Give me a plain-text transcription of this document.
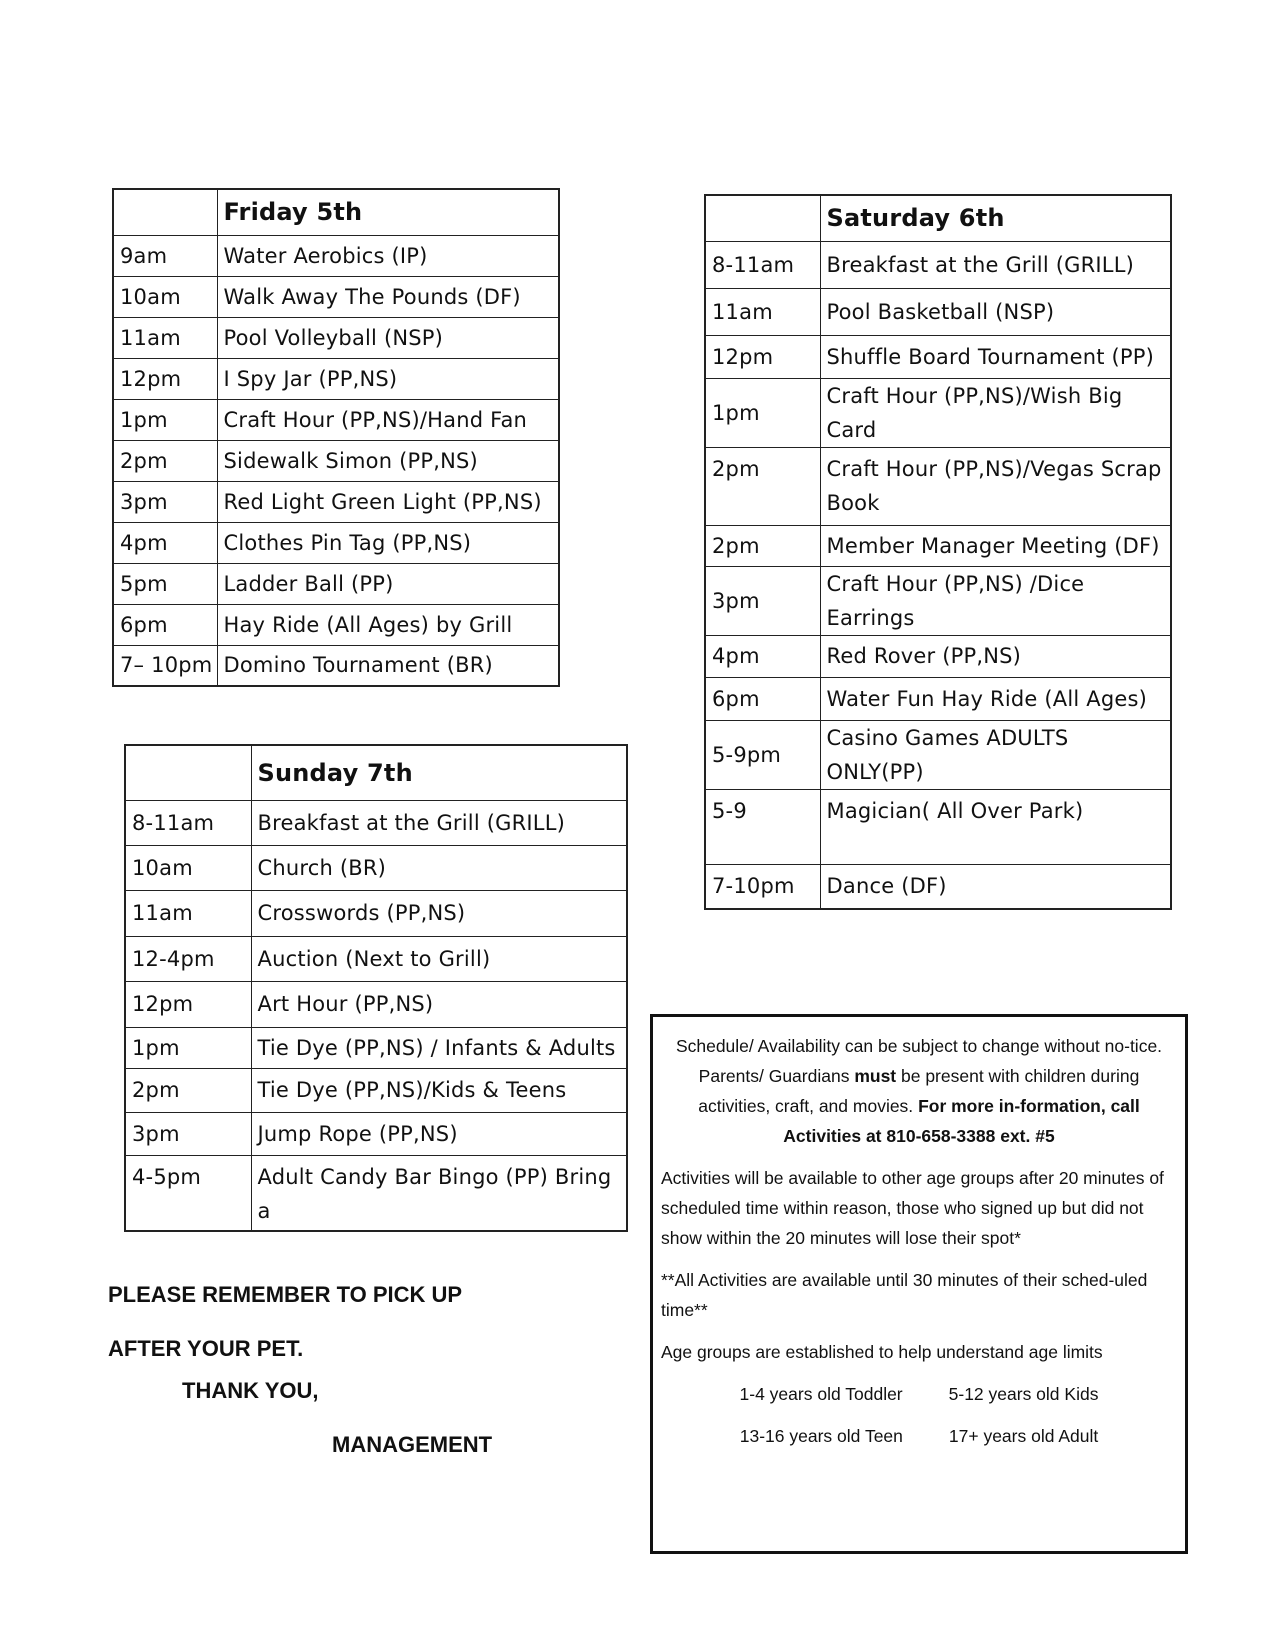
	Friday 5th
9am	Water Aerobics (IP)
10am	Walk Away The Pounds (DF)
11am	Pool Volleyball (NSP)
12pm	I Spy Jar (PP,NS)
1pm	Craft Hour (PP,NS)/Hand Fan
2pm	Sidewalk Simon (PP,NS)
3pm	Red Light Green Light (PP,NS)
4pm	Clothes Pin Tag (PP,NS)
5pm	Ladder Ball (PP)
6pm	Hay Ride (All Ages) by Grill
7– 10pm	Domino Tournament (BR)
	Saturday 6th
8-11am	Breakfast at the Grill (GRILL)
11am	Pool Basketball (NSP)
12pm	Shuffle Board Tournament (PP)
1pm	Craft Hour (PP,NS)/Wish Big Card
2pm	Craft Hour (PP,NS)/Vegas Scrap Book
2pm	Member Manager Meeting (DF)
3pm	Craft Hour (PP,NS) /Dice Earrings
4pm	Red Rover (PP,NS)
6pm	Water Fun Hay Ride (All Ages)
5-9pm	Casino Games ADULTS ONLY(PP)
5-9	Magician( All Over Park)
7-10pm	Dance (DF)
	Sunday 7th
8-11am	Breakfast at the Grill (GRILL)
10am	Church (BR)
11am	Crosswords (PP,NS)
12-4pm	Auction (Next to Grill)
12pm	Art Hour (PP,NS)
1pm	Tie Dye (PP,NS) / Infants & Adults
2pm	Tie Dye (PP,NS)/Kids & Teens
3pm	Jump Rope (PP,NS)
4-5pm	Adult Candy Bar Bingo (PP) Bring a
PLEASE REMEMBER TO PICK UP
AFTER YOUR PET.
THANK YOU,
MANAGEMENT

Schedule/ Availability can be subject to change without no-tice. Parents/ Guardians must be present with children during activities, craft, and movies. For more in-formation, call Activities at 810-658-3388 ext. #5

Activities will be available to other age groups after 20 minutes of scheduled time within reason, those who signed up but did not show within the 20 minutes will lose their spot*

**All Activities are available until 30 minutes of their sched-uled time**

Age groups are established to help understand age limits

1-4 years old Toddler	5-12 years old Kids
13-16 years old Teen	17+ years old Adult
